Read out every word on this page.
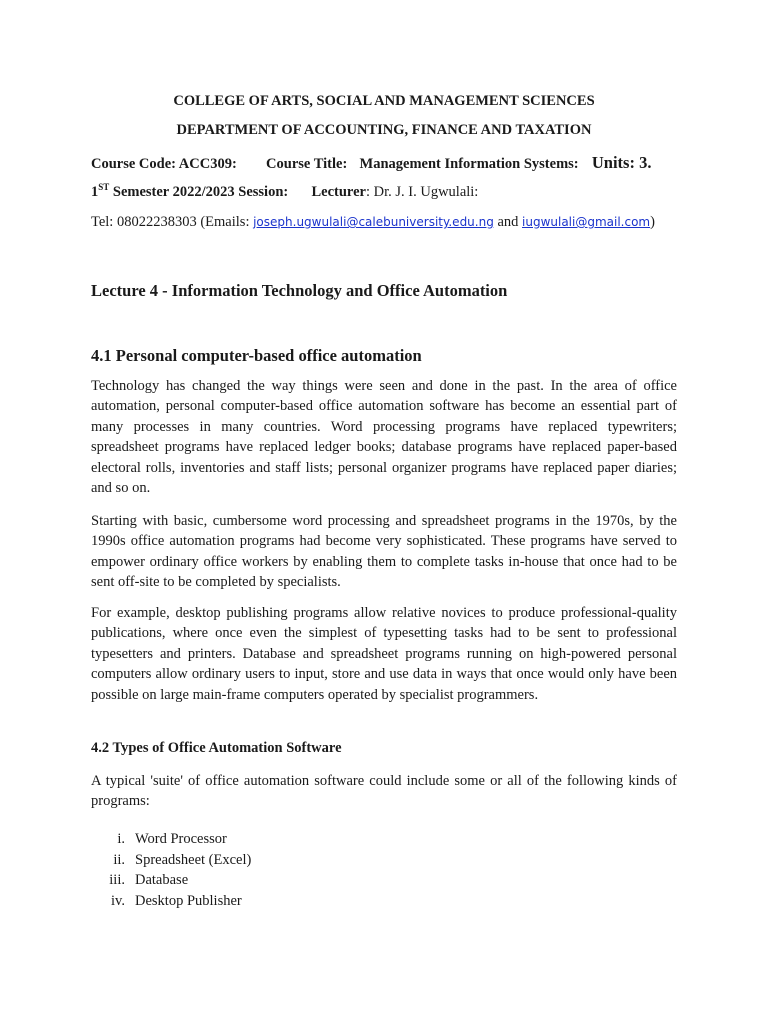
COLLEGE OF ARTS, SOCIAL AND MANAGEMENT SCIENCES
DEPARTMENT OF ACCOUNTING, FINANCE AND TAXATION
Course Code: ACC309: Course Title: Management Information Systems: Units: 3.
1ST Semester 2022/2023 Session: Lecturer: Dr. J. I. Ugwulali:
Tel: 08022238303 (Emails: joseph.ugwulali@calebuniversity.edu.ng and iugwulali@gmail.com)
Lecture 4 - Information Technology and Office Automation
4.1 Personal computer-based office automation

Technology has changed the way things were seen and done in the past. In the area of office automation, personal computer-based office automation software has become an essential part of many processes in many countries. Word processing programs have replaced typewriters; spreadsheet programs have replaced ledger books; database programs have replaced paper-based electoral rolls, inventories and staff lists; personal organizer programs have replaced paper diaries; and so on.

Starting with basic, cumbersome word processing and spreadsheet programs in the 1970s, by the 1990s office automation programs had become very sophisticated. These programs have served to empower ordinary office workers by enabling them to complete tasks in-house that once had to be sent off-site to be completed by specialists.

For example, desktop publishing programs allow relative novices to produce professional-quality publications, where once even the simplest of typesetting tasks had to be sent to professional typesetters and printers. Database and spreadsheet programs running on high-powered personal computers allow ordinary users to input, store and use data in ways that once would only have been possible on large main-frame computers operated by specialist programmers.

4.2 Types of Office Automation Software

A typical 'suite' of office automation software could include some or all of the following kinds of programs:

i. Word Processor
ii. Spreadsheet (Excel)
iii. Database
iv. Desktop Publisher
